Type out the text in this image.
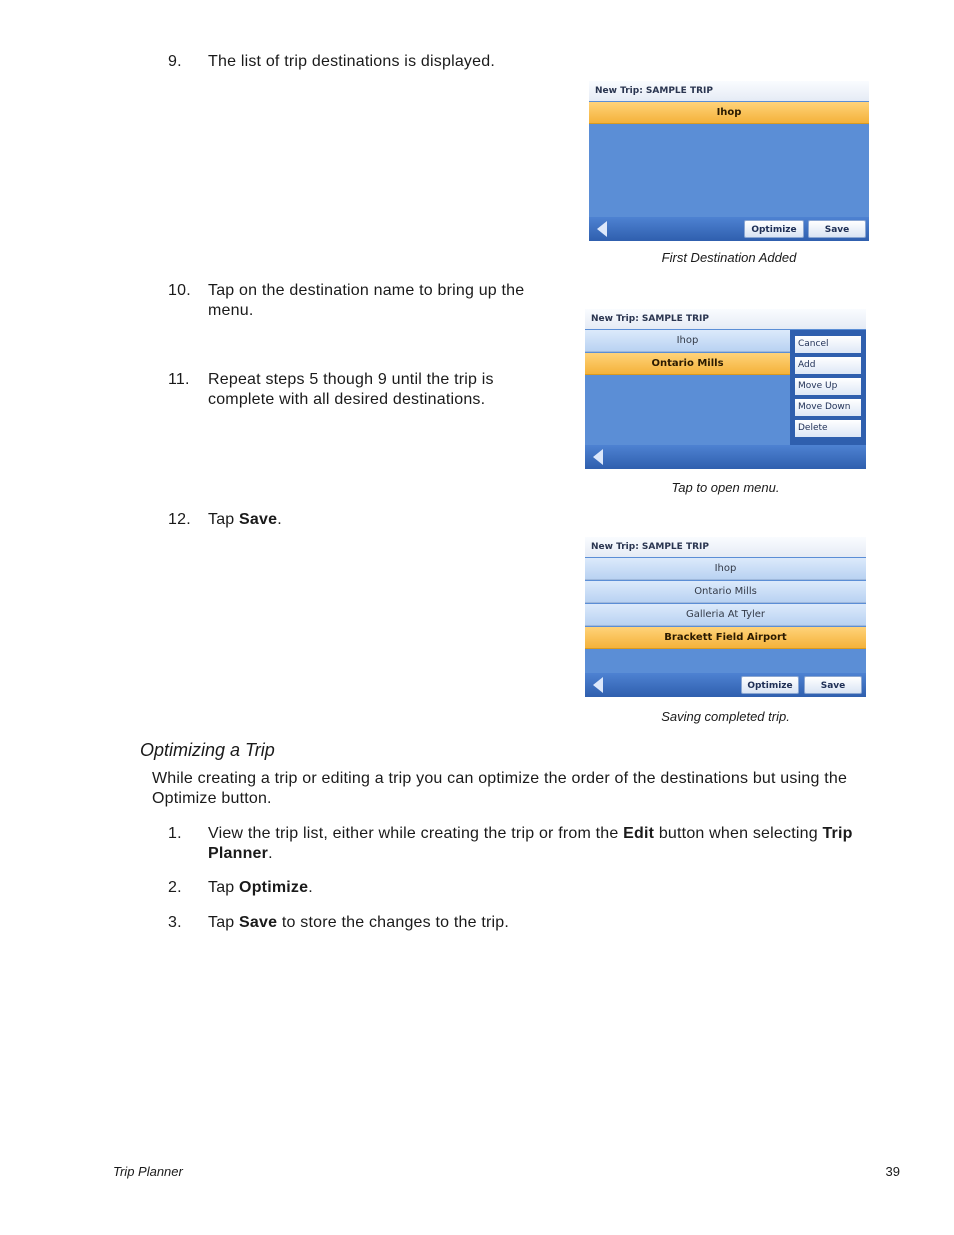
9. The list of trip destinations is displayed.
New Trip: SAMPLE TRIP
Ihop
Optimize	Save
First Destination Added
10. Tap on the destination name to bring up the menu.
11. Repeat steps 5 though 9 until the trip is complete with all desired destinations.
New Trip: SAMPLE TRIP
Ihop
Ontario Mills
Cancel
Add
Move Up
Move Down
Delete
Tap to open menu.
12. Tap Save.
New Trip: SAMPLE TRIP
Ihop
Ontario Mills
Galleria At Tyler
Brackett Field Airport
Optimize	Save
Saving completed trip.
Optimizing a Trip
While creating a trip or editing a trip you can optimize the order of the destinations but using the Optimize button.
1. View the trip list, either while creating the trip or from the Edit button when selecting Trip Planner.
2. Tap Optimize.
3. Tap Save to store the changes to the trip.
Trip Planner	39
